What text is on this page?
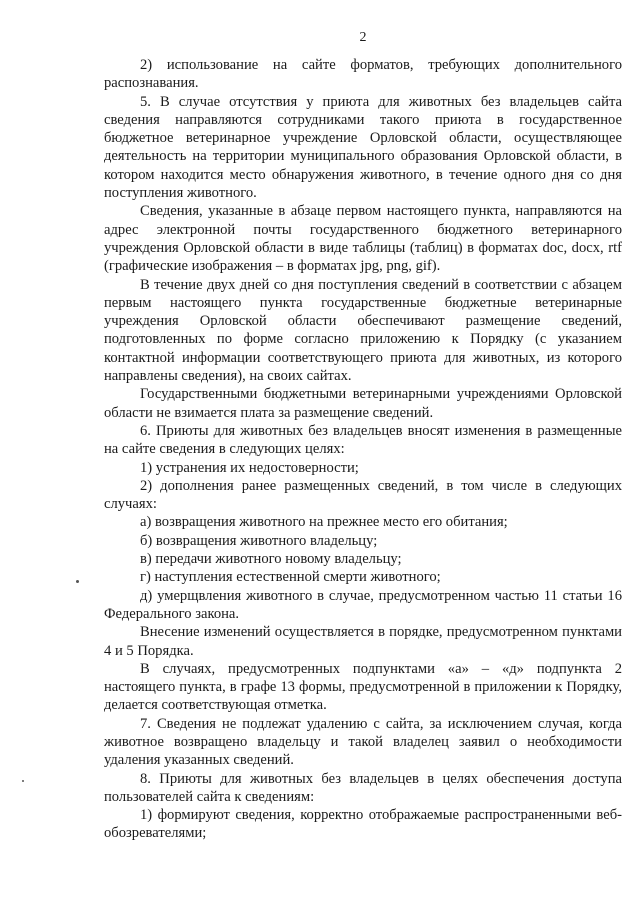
2

2) использование на сайте форматов, требующих дополнительного распознавания.

5. В случае отсутствия у приюта для животных без владельцев сайта сведения направляются сотрудниками такого приюта в государственное бюджетное ветеринарное учреждение Орловской области, осуществляющее деятельность на территории муниципального образования Орловской области, в котором находится место обнаружения животного, в течение одного дня со дня поступления животного.

Сведения, указанные в абзаце первом настоящего пункта, направляются на адрес электронной почты государственного бюджетного ветеринарного учреждения Орловской области в виде таблицы (таблиц) в форматах doc, docx, rtf (графические изображения – в форматах jpg, png, gif).

В течение двух дней со дня поступления сведений в соответствии с абзацем первым настоящего пункта государственные бюджетные ветеринарные учреждения Орловской области обеспечивают размещение сведений, подготовленных по форме согласно приложению к Порядку (с указанием контактной информации соответствующего приюта для животных, из которого направлены сведения), на своих сайтах.

Государственными бюджетными ветеринарными учреждениями Орловской области не взимается плата за размещение сведений.

6. Приюты для животных без владельцев вносят изменения в размещенные на сайте сведения в следующих целях:

1) устранения их недостоверности;

2) дополнения ранее размещенных сведений, в том числе в следующих случаях:

а) возвращения животного на прежнее место его обитания;

б) возвращения животного владельцу;

в) передачи животного новому владельцу;

г) наступления естественной смерти животного;

д) умерщвления животного в случае, предусмотренном частью 11 статьи 16 Федерального закона.

Внесение изменений осуществляется в порядке, предусмотренном пунктами 4 и 5 Порядка.

В случаях, предусмотренных подпунктами «а» – «д» подпункта 2 настоящего пункта, в графе 13 формы, предусмотренной в приложении к Порядку, делается соответствующая отметка.

7. Сведения не подлежат удалению с сайта, за исключением случая, когда животное возвращено владельцу и такой владелец заявил о необходимости удаления указанных сведений.

8. Приюты для животных без владельцев в целях обеспечения доступа пользователей сайта к сведениям:

1) формируют сведения, корректно отображаемые распространенными веб-обозревателями;
